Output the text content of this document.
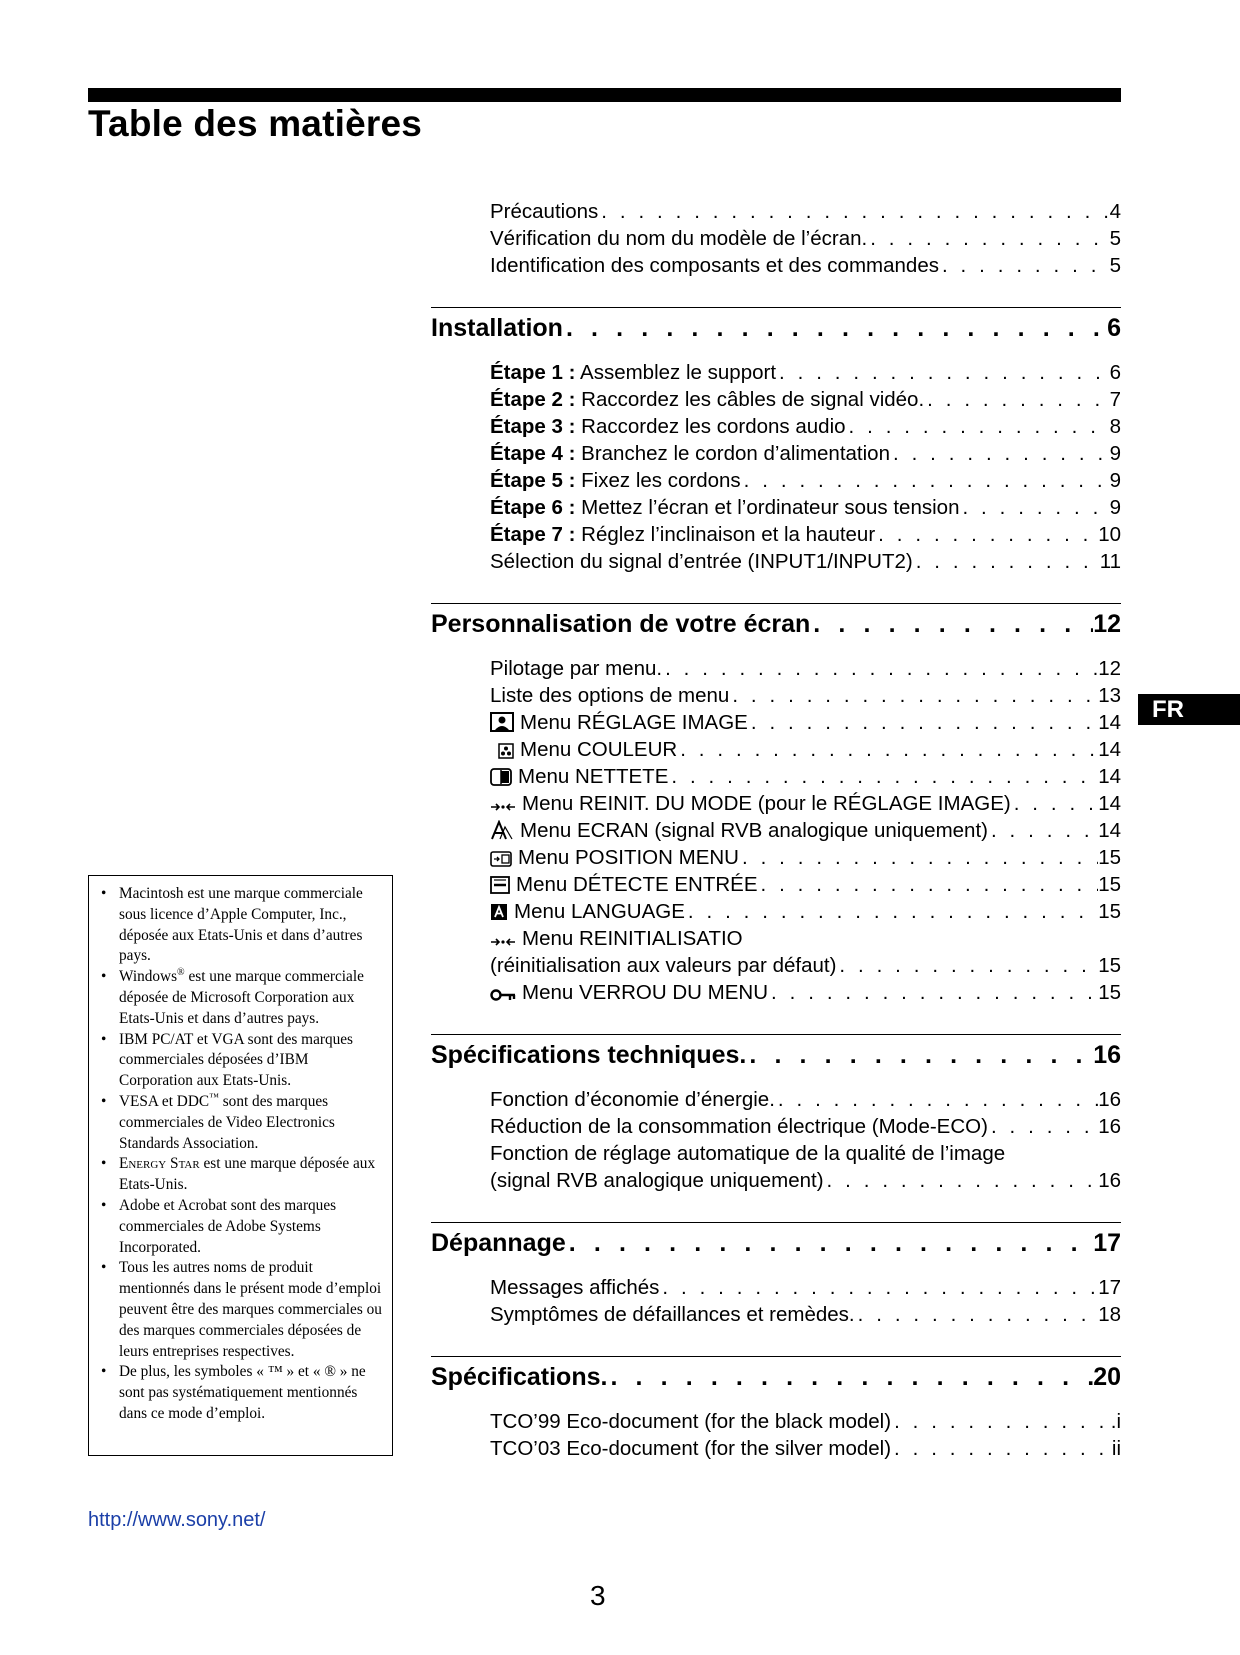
Table des matières
Précautions . . .	4
Vérification du nom du modèle de l’écran. . . .	5
Identification des composants et des commandes . . .	5
Installation . . .	6
Étape 1 : Assemblez le support . . .	6
Étape 2 : Raccordez les câbles de signal vidéo. . . .	7
Étape 3 : Raccordez les cordons audio . . .	8
Étape 4 : Branchez le cordon d’alimentation . . .	9
Étape 5 : Fixez les cordons . . .	9
Étape 6 : Mettez l’écran et l’ordinateur sous tension . . .	9
Étape 7 : Réglez l’inclinaison et la hauteur . . .	10
Sélection du signal d’entrée (INPUT1/INPUT2) . . .	11
Personnalisation de votre écran . . .	12
Pilotage par menu. . . .	12
Liste des options de menu . . .	13
Menu RÉGLAGE IMAGE . . .	14
Menu COULEUR . . .	14
Menu NETTETE . . .	14
Menu REINIT. DU MODE (pour le RÉGLAGE IMAGE) . . .	14
Menu ECRAN (signal RVB analogique uniquement) . . .	14
Menu POSITION MENU . . .	15
Menu DÉTECTE ENTRÉE . . .	15
Menu LANGUAGE . . .	15
Menu REINITIALISATIO
(réinitialisation aux valeurs par défaut) . . .	15
Menu VERROU DU MENU . . .	15
Spécifications techniques. . . .	16
Fonction d’économie d’énergie. . . .	16
Réduction de la consommation électrique (Mode-ECO) . . .	16
Fonction de réglage automatique de la qualité de l’image
(signal RVB analogique uniquement) . . .	16
Dépannage . . .	17
Messages affichés . . .	17
Symptômes de défaillances et remèdes. . . .	18
Spécifications. . . .	20
TCO’99 Eco-document (for the black model) . . .	.i
TCO’03 Eco-document (for the silver model) . . .	ii
• Macintosh est une marque commerciale sous licence d’Apple Computer, Inc., déposée aux Etats-Unis et dans d’autres pays.
• Windows® est une marque commerciale déposée de Microsoft Corporation aux Etats-Unis et dans d’autres pays.
• IBM PC/AT et VGA sont des marques commerciales déposées d’IBM Corporation aux Etats-Unis.
• VESA et DDC™ sont des marques commerciales de Video Electronics Standards Association.
• Energy Star est une marque déposée aux Etats-Unis.
• Adobe et Acrobat sont des marques commerciales de Adobe Systems Incorporated.
• Tous les autres noms de produit mentionnés dans le présent mode d’emploi peuvent être des marques commerciales ou des marques commerciales déposées de leurs entreprises respectives.
• De plus, les symboles « ™ » et « ® » ne sont pas systématiquement mentionnés dans ce mode d’emploi.
http://www.sony.net/
3
FR
